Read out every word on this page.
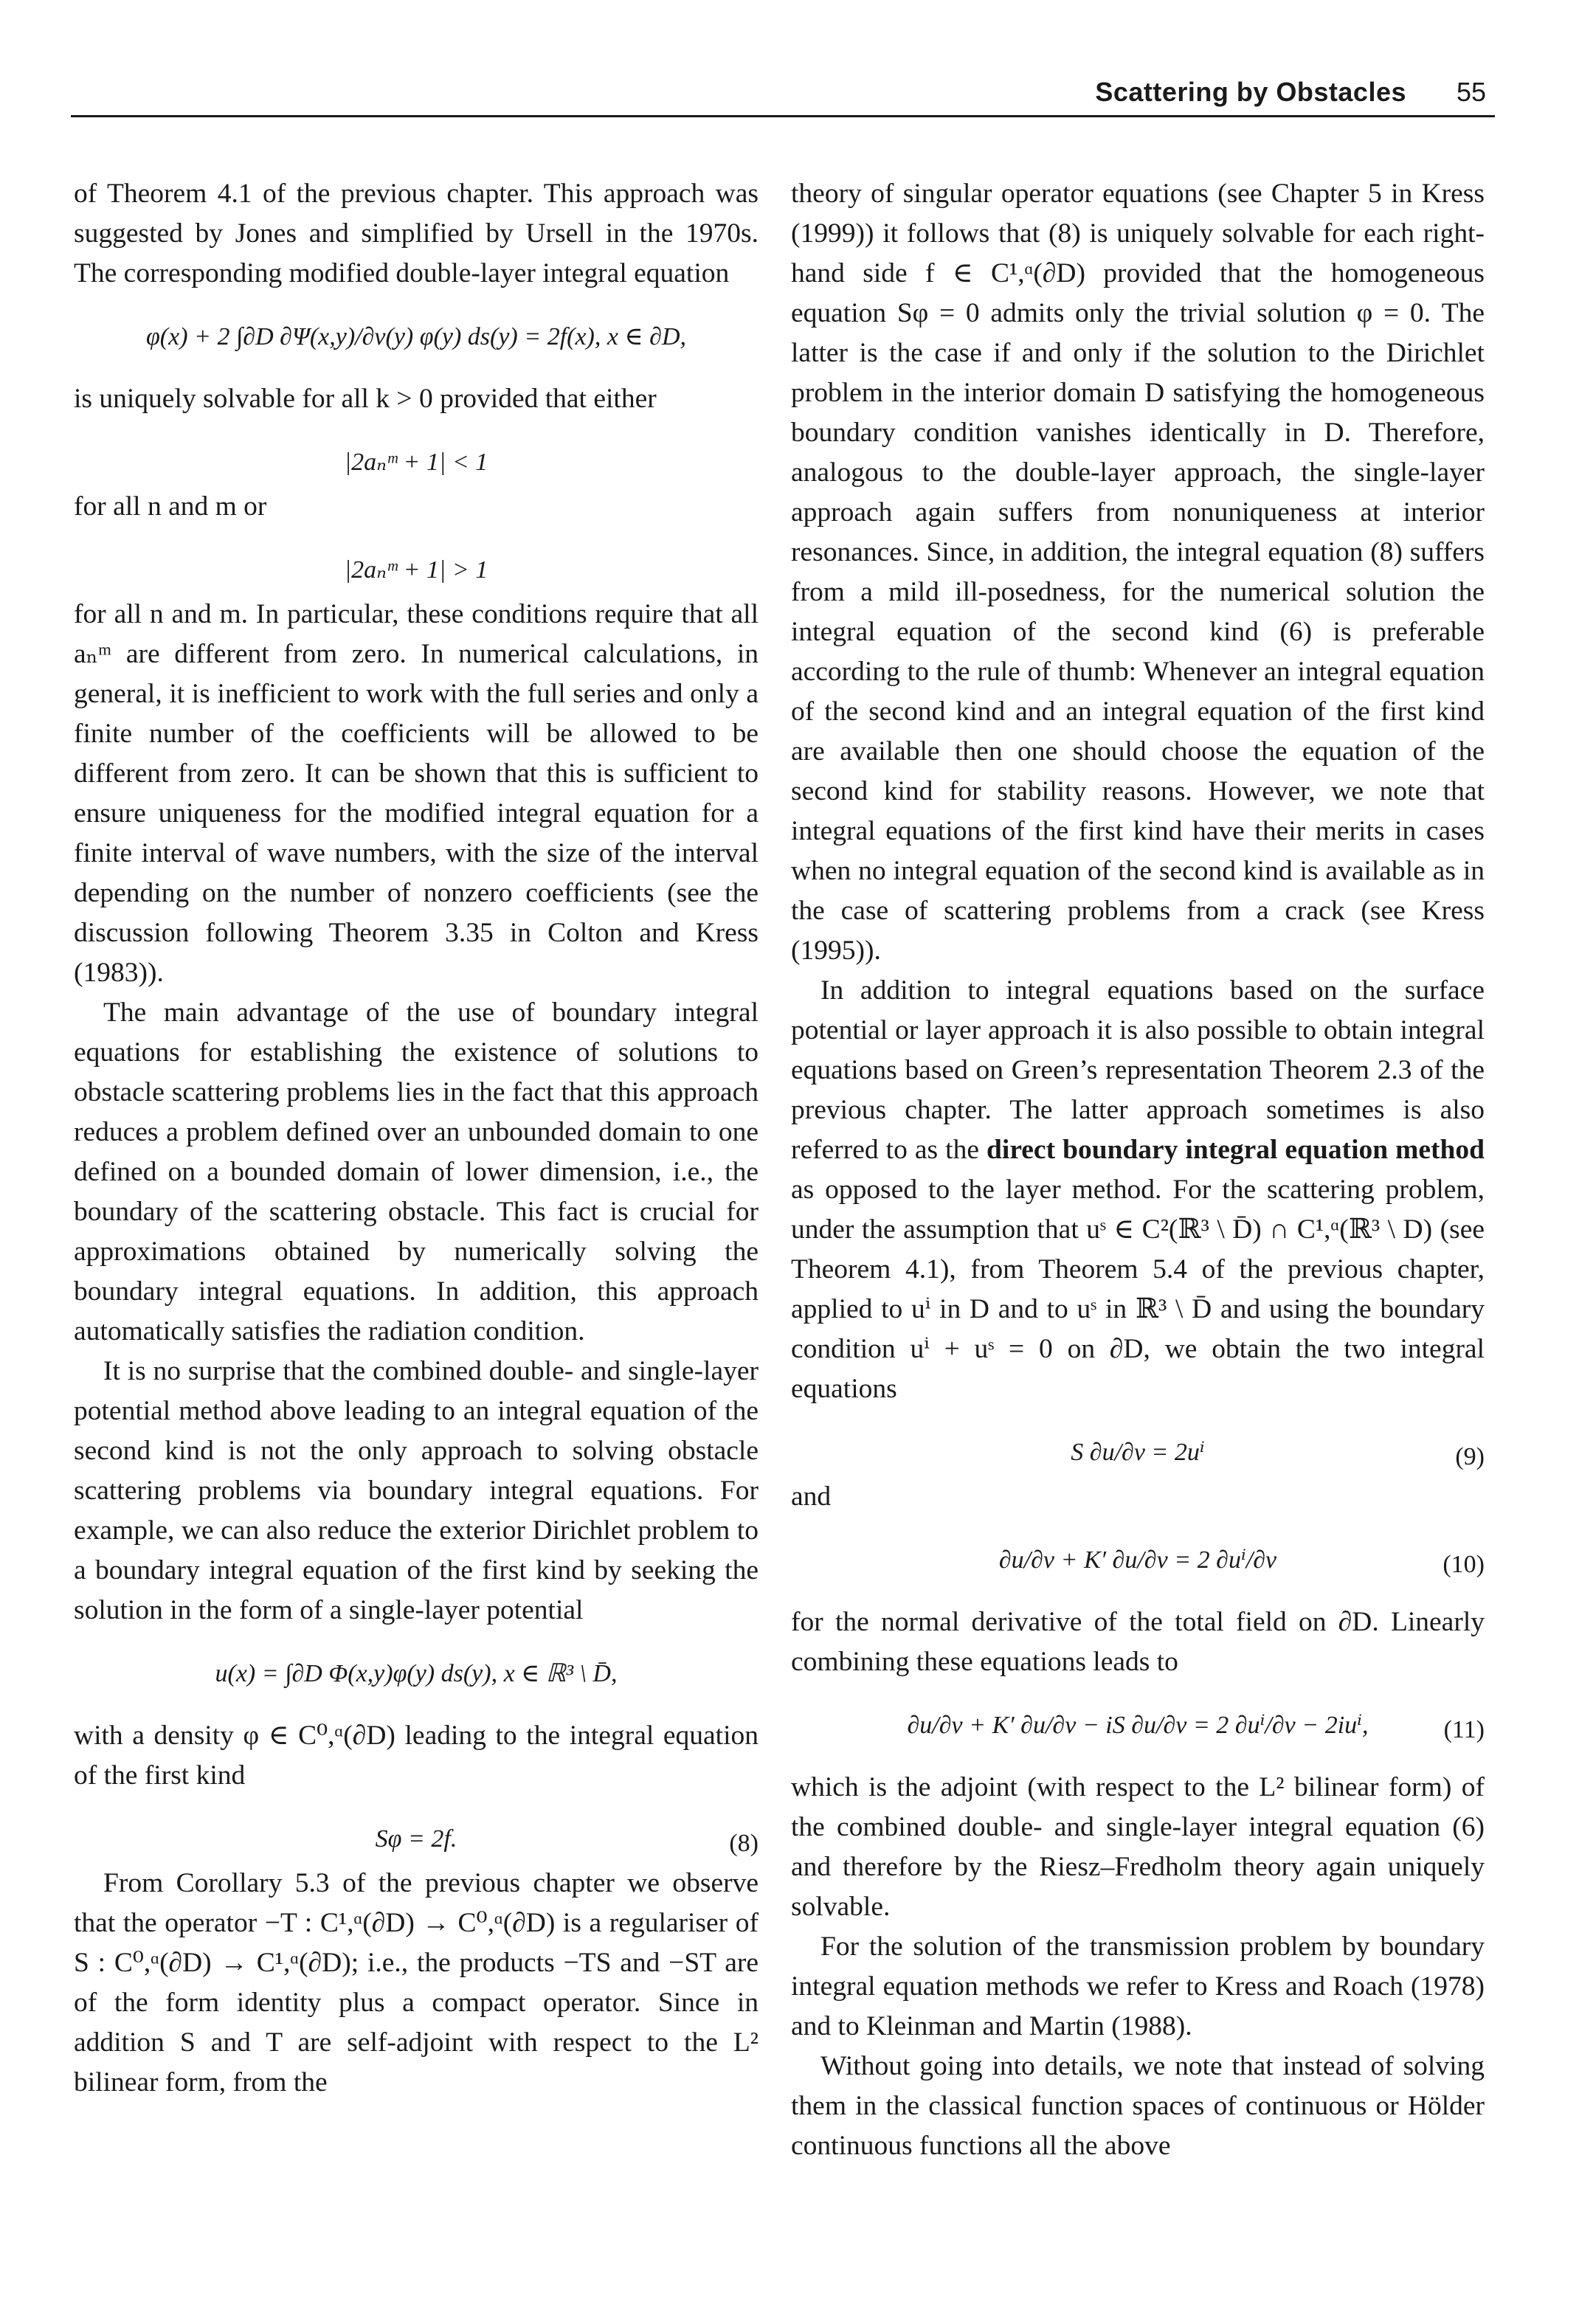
Scattering by Obstacles 55

of Theorem 4.1 of the previous chapter. This approach was suggested by Jones and simplified by Ursell in the 1970s. The corresponding modified double-layer integral equation

φ(x) + 2 ∫∂D ∂Ψ(x,y)/∂ν(y) φ(y) ds(y) = 2f(x), x ∈ ∂D,

is uniquely solvable for all k > 0 provided that either

|2aₙᵐ + 1| < 1

for all n and m or

|2aₙᵐ + 1| > 1

for all n and m. In particular, these conditions require that all aₙᵐ are different from zero. In numerical calculations, in general, it is inefficient to work with the full series and only a finite number of the coefficients will be allowed to be different from zero. It can be shown that this is sufficient to ensure uniqueness for the modified integral equation for a finite interval of wave numbers, with the size of the interval depending on the number of nonzero coefficients (see the discussion following Theorem 3.35 in Colton and Kress (1983)).

The main advantage of the use of boundary integral equations for establishing the existence of solutions to obstacle scattering problems lies in the fact that this approach reduces a problem defined over an unbounded domain to one defined on a bounded domain of lower dimension, i.e., the boundary of the scattering obstacle. This fact is crucial for approximations obtained by numerically solving the boundary integral equations. In addition, this approach automatically satisfies the radiation condition.

It is no surprise that the combined double- and single-layer potential method above leading to an integral equation of the second kind is not the only approach to solving obstacle scattering problems via boundary integral equations. For example, we can also reduce the exterior Dirichlet problem to a boundary integral equation of the first kind by seeking the solution in the form of a single-layer potential

u(x) = ∫∂D Φ(x,y)φ(y) ds(y), x ∈ ℝ³ \ D̄,

with a density φ ∈ C⁰,ᵅ(∂D) leading to the integral equation of the first kind

Sφ = 2f.	(8)

From Corollary 5.3 of the previous chapter we observe that the operator −T : C¹,ᵅ(∂D) → C⁰,ᵅ(∂D) is a regulariser of S : C⁰,ᵅ(∂D) → C¹,ᵅ(∂D); i.e., the products −TS and −ST are of the form identity plus a compact operator. Since in addition S and T are self-adjoint with respect to the L² bilinear form, from the

theory of singular operator equations (see Chapter 5 in Kress (1999)) it follows that (8) is uniquely solvable for each right-hand side f ∈ C¹,ᵅ(∂D) provided that the homogeneous equation Sφ = 0 admits only the trivial solution φ = 0. The latter is the case if and only if the solution to the Dirichlet problem in the interior domain D satisfying the homogeneous boundary condition vanishes identically in D. Therefore, analogous to the double-layer approach, the single-layer approach again suffers from nonuniqueness at interior resonances. Since, in addition, the integral equation (8) suffers from a mild ill-posedness, for the numerical solution the integral equation of the second kind (6) is preferable according to the rule of thumb: Whenever an integral equation of the second kind and an integral equation of the first kind are available then one should choose the equation of the second kind for stability reasons. However, we note that integral equations of the first kind have their merits in cases when no integral equation of the second kind is available as in the case of scattering problems from a crack (see Kress (1995)).

In addition to integral equations based on the surface potential or layer approach it is also possible to obtain integral equations based on Green’s representation Theorem 2.3 of the previous chapter. The latter approach sometimes is also referred to as the direct boundary integral equation method as opposed to the layer method. For the scattering problem, under the assumption that uˢ ∈ C²(ℝ³ \ D̄) ∩ C¹,ᵅ(ℝ³ \ D) (see Theorem 4.1), from Theorem 5.4 of the previous chapter, applied to uⁱ in D and to uˢ in ℝ³ \ D̄ and using the boundary condition uⁱ + uˢ = 0 on ∂D, we obtain the two integral equations

S ∂u/∂ν = 2uⁱ	(9)

and

∂u/∂ν + K′ ∂u/∂ν = 2 ∂uⁱ/∂ν	(10)

for the normal derivative of the total field on ∂D. Linearly combining these equations leads to

∂u/∂ν + K′ ∂u/∂ν − iS ∂u/∂ν = 2 ∂uⁱ/∂ν − 2iuⁱ,	(11)

which is the adjoint (with respect to the L² bilinear form) of the combined double- and single-layer integral equation (6) and therefore by the Riesz–Fredholm theory again uniquely solvable.

For the solution of the transmission problem by boundary integral equation methods we refer to Kress and Roach (1978) and to Kleinman and Martin (1988).

Without going into details, we note that instead of solving them in the classical function spaces of continuous or Hölder continuous functions all the above
